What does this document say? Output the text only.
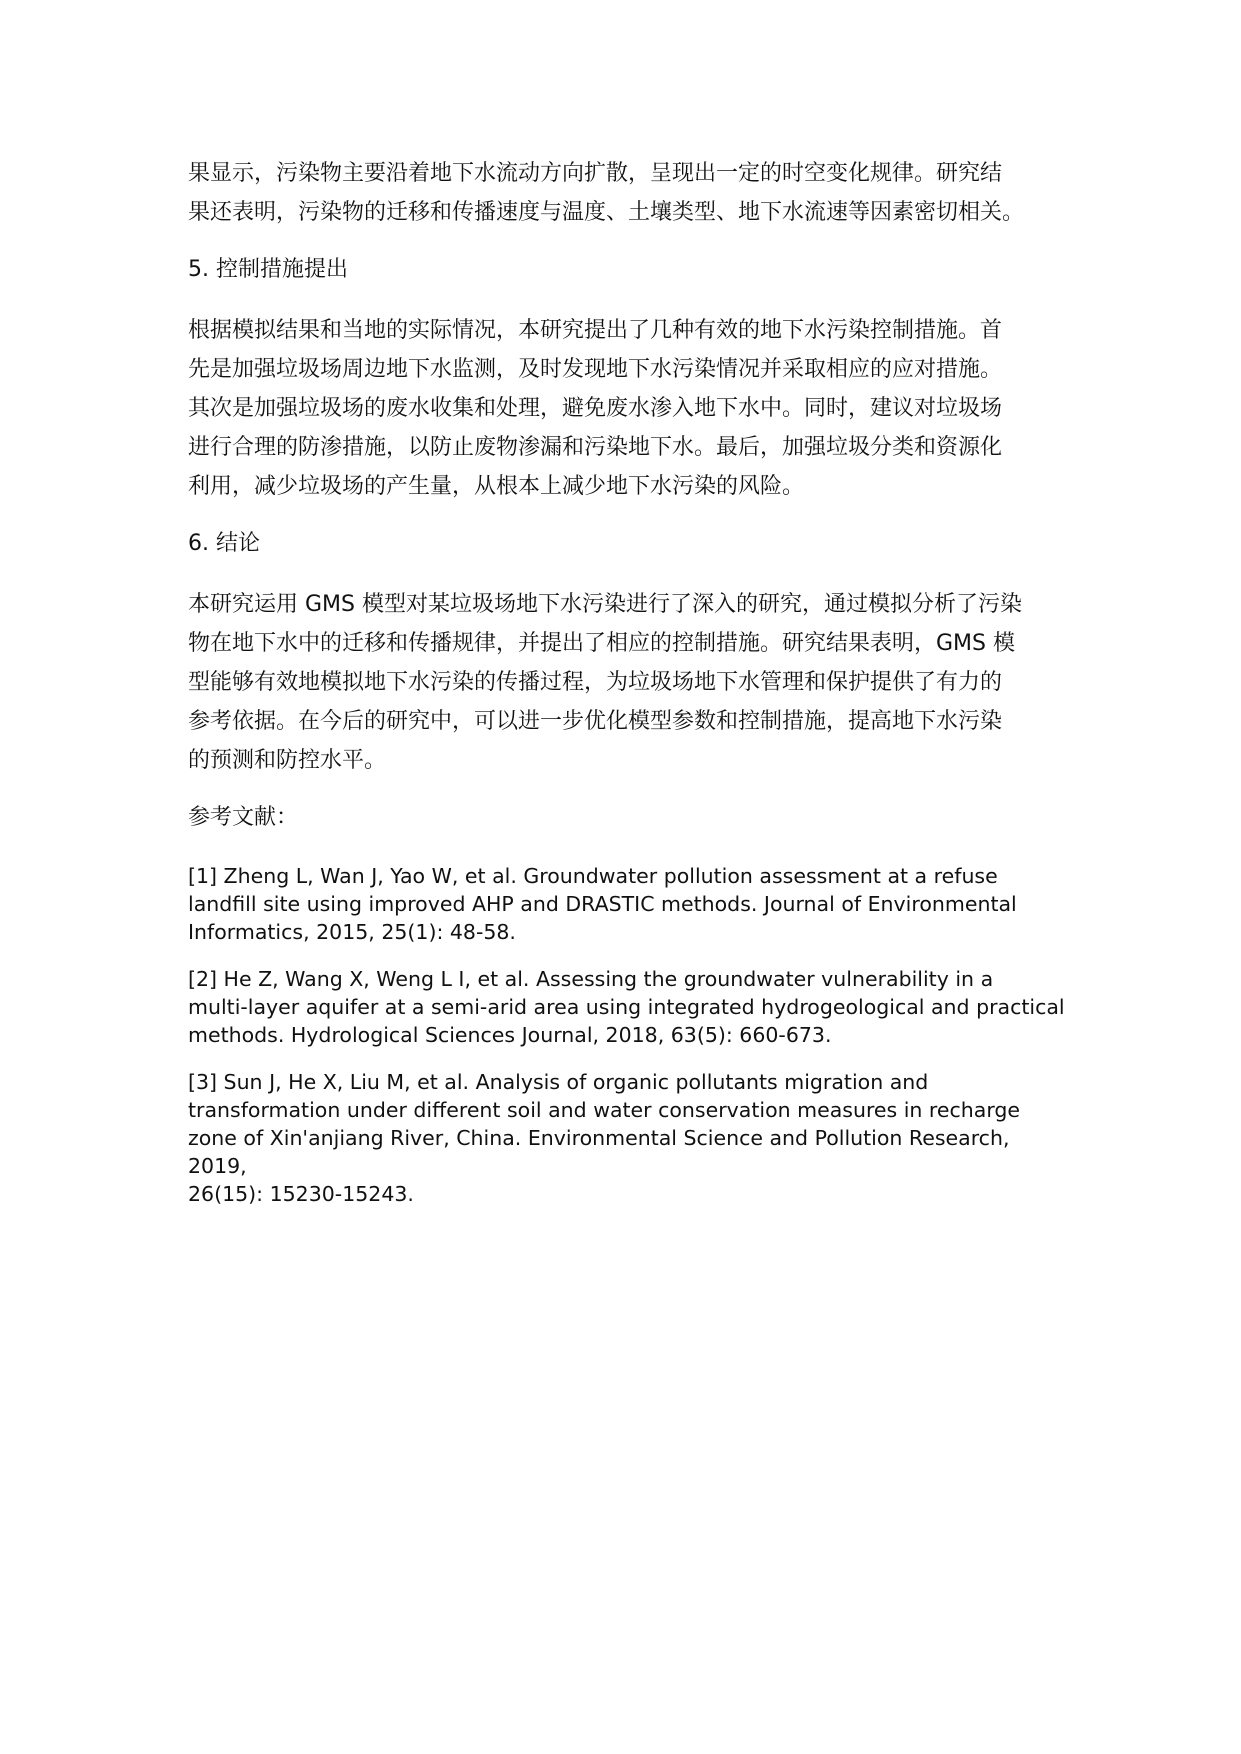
果显示，污染物主要沿着地下水流动方向扩散，呈现出一定的时空变化规律。研究结
果还表明，污染物的迁移和传播速度与温度、土壤类型、地下水流速等因素密切相关。

5. 控制措施提出

根据模拟结果和当地的实际情况，本研究提出了几种有效的地下水污染控制措施。首
先是加强垃圾场周边地下水监测，及时发现地下水污染情况并采取相应的应对措施。
其次是加强垃圾场的废水收集和处理，避免废水渗入地下水中。同时，建议对垃圾场
进行合理的防渗措施，以防止废物渗漏和污染地下水。最后，加强垃圾分类和资源化
利用，减少垃圾场的产生量，从根本上减少地下水污染的风险。

6. 结论

本研究运用 GMS 模型对某垃圾场地下水污染进行了深入的研究，通过模拟分析了污染
物在地下水中的迁移和传播规律，并提出了相应的控制措施。研究结果表明，GMS 模
型能够有效地模拟地下水污染的传播过程，为垃圾场地下水管理和保护提供了有力的
参考依据。在今后的研究中，可以进一步优化模型参数和控制措施，提高地下水污染
的预测和防控水平。

参考文献：

[1] Zheng L, Wan J, Yao W, et al. Groundwater pollution assessment at a refuse
landfill site using improved AHP and DRASTIC methods. Journal of Environmental
Informatics, 2015, 25(1): 48-58.

[2] He Z, Wang X, Weng L I, et al. Assessing the groundwater vulnerability in a
multi-layer aquifer at a semi-arid area using integrated hydrogeological and practical
methods. Hydrological Sciences Journal, 2018, 63(5): 660-673.

[3] Sun J, He X, Liu M, et al. Analysis of organic pollutants migration and
transformation under different soil and water conservation measures in recharge
zone of Xin'anjiang River, China. Environmental Science and Pollution Research, 2019,
26(15): 15230-15243.
